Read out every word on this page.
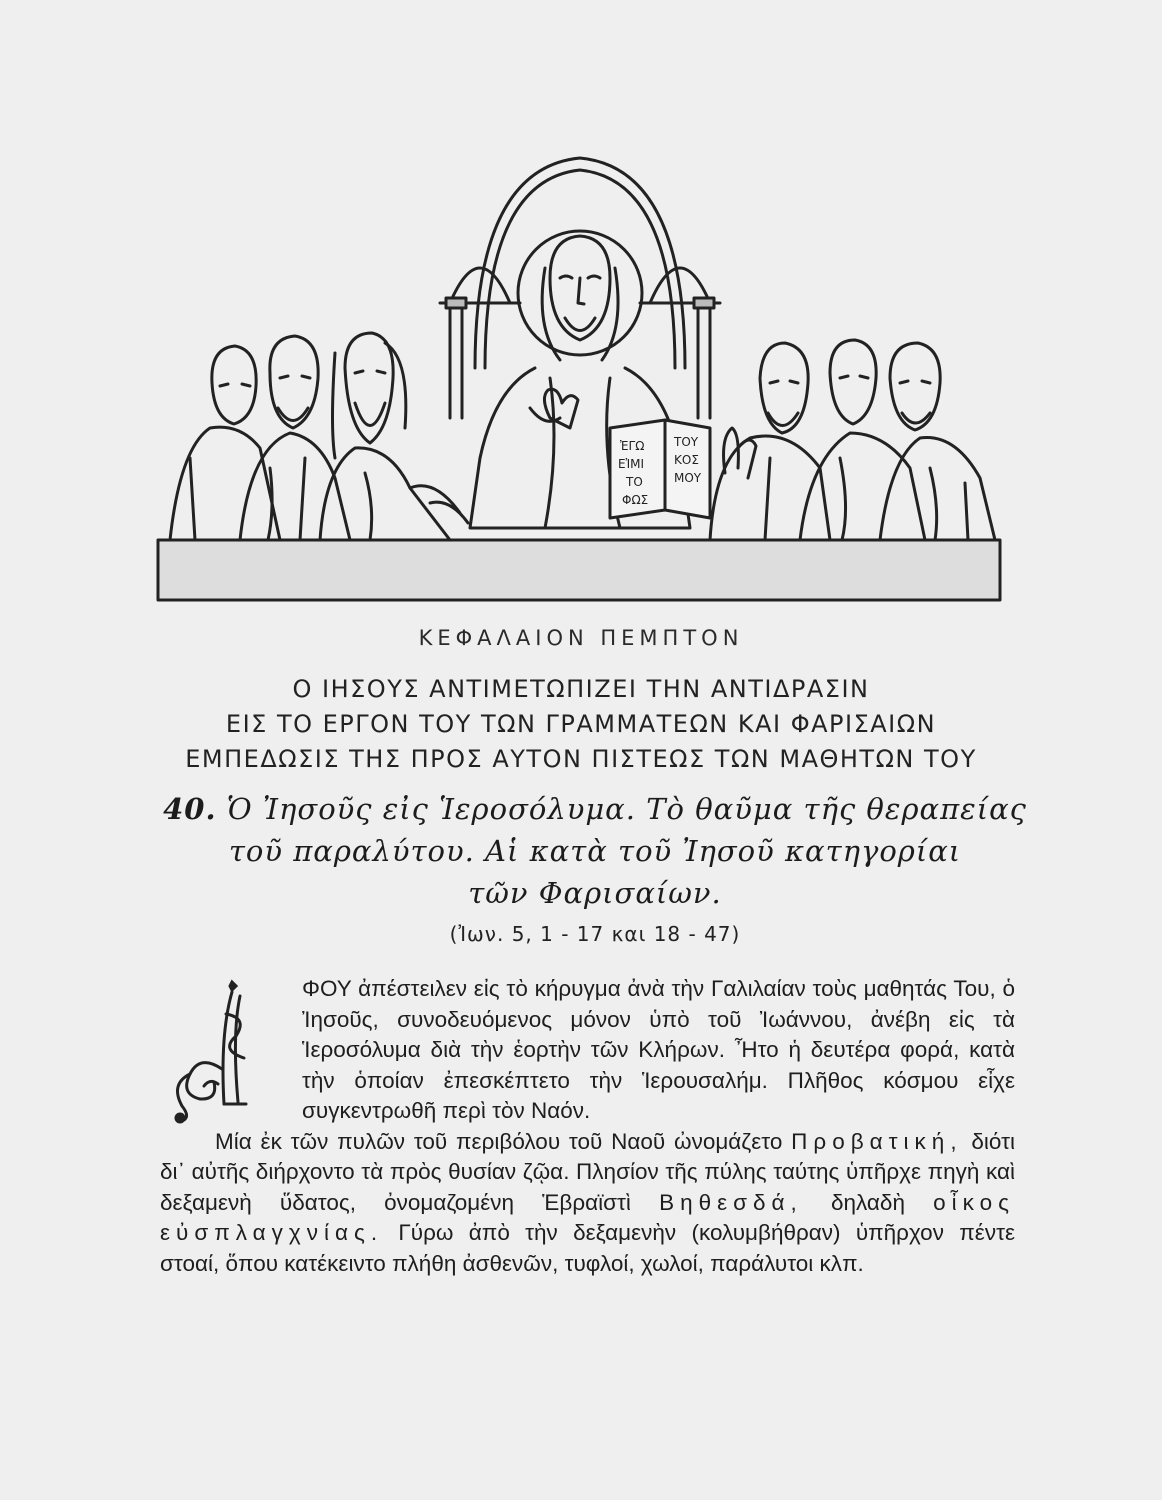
ἘΓΩ
ΕἸΜΙ
ΤΟ
ΦΩΣ
ΤΟΥ
ΚΟΣ
ΜΟΥ
ΚΕΦΑΛΑΙΟΝ ΠΕΜΠΤΟΝ
Ο ΙΗΣΟΥΣ ΑΝΤΙΜΕΤΩΠΙΖΕΙ ΤΗΝ ΑΝΤΙΔΡΑΣΙΝ
ΕΙΣ ΤΟ ΕΡΓΟΝ ΤΟΥ ΤΩΝ ΓΡΑΜΜΑΤΕΩΝ ΚΑΙ ΦΑΡΙΣΑΙΩΝ
ΕΜΠΕΔΩΣΙΣ ΤΗΣ ΠΡΟΣ ΑΥΤΟΝ ΠΙΣΤΕΩΣ ΤΩΝ ΜΑΘΗΤΩΝ ΤΟΥ
40. Ὁ Ἰησοῦς εἰς Ἱεροσόλυμα. Τὸ θαῦμα τῆς θεραπείας
τοῦ παραλύτου. Αἱ κατὰ τοῦ Ἰησοῦ κατηγορίαι
τῶν Φαρισαίων.
(Ἰων. 5, 1 - 17 και 18 - 47)

ΦΟΥ ἀπέστειλεν εἰς τὸ κήρυγμα ἀνὰ τὴν Γαλιλαίαν τοὺς μαθητάς Του, ὁ Ἰησοῦς, συνοδευόμενος μόνον ὑπὸ τοῦ Ἰωάννου, ἀνέβη εἰς τὰ Ἱεροσόλυμα διὰ τὴν ἑορτὴν τῶν Κλήρων. Ἦτο ἡ δευτέρα φορά, κατὰ τὴν ὁποίαν ἐπεσκέπτετο τὴν Ἱερουσαλήμ. Πλῆθος κόσμου εἶχε συγκεντρωθῆ περὶ τὸν Ναόν.

Μία ἐκ τῶν πυλῶν τοῦ περιβόλου τοῦ Ναοῦ ὠνομάζετο Προβατική, διότι δι᾽ αὐτῆς διήρχοντο τὰ πρὸς θυσίαν ζῷα. Πλησίον τῆς πύλης ταύτης ὑπῆρχε πηγὴ καὶ δεξαμενὴ ὕδατος, ὀνομαζομένη Ἑβραϊστὶ Βηθεσδά, δηλαδὴ οἶκος εὐσπλαγχνίας. Γύρω ἀπὸ τὴν δεξαμενὴν (κολυμβήθραν) ὑπῆρχον πέντε στοαί, ὅπου κατέκειντο πλήθη ἀσθενῶν, τυφλοί, χωλοί, παράλυτοι κλπ.
